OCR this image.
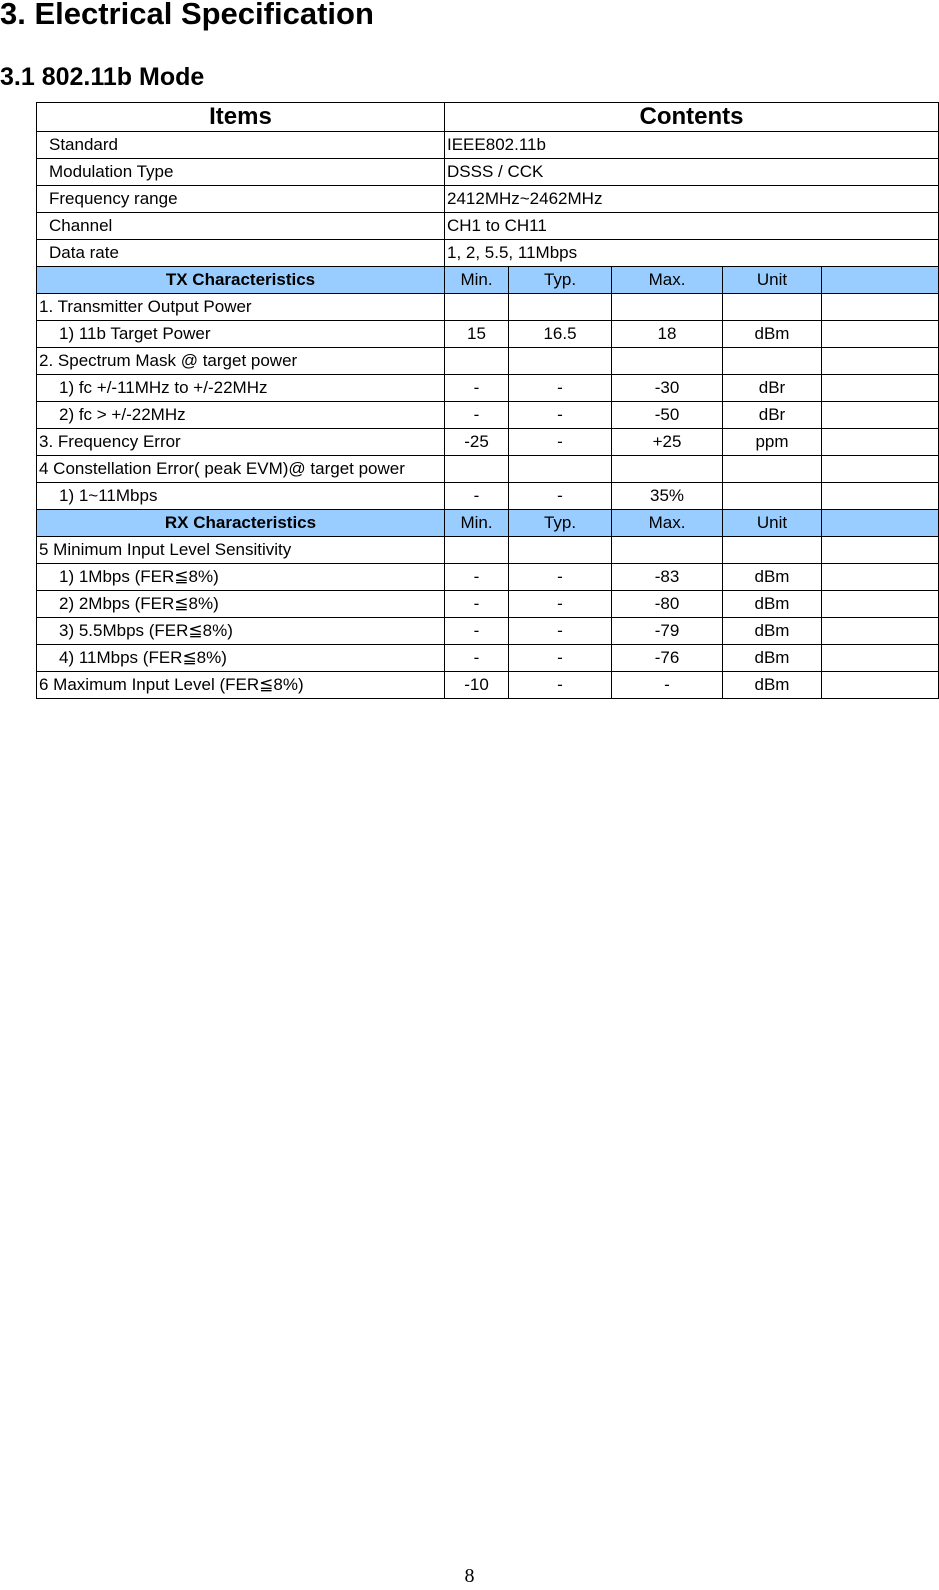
3. Electrical Specification
3.1 802.11b Mode
Items	Contents				
Standard	IEEE802.11b				
Modulation Type	DSSS / CCK				
Frequency range	2412MHz~2462MHz				
Channel	CH1 to CH11				
Data rate	1, 2, 5.5, 11Mbps				
TX Characteristics	Min.	Typ.	Max.	Unit	
1. Transmitter Output Power					
1) 11b Target Power	15	16.5	18	dBm	
2. Spectrum Mask @ target power					
1) fc +/-11MHz to +/-22MHz	-	-	-30	dBr	
2) fc > +/-22MHz	-	-	-50	dBr	
3. Frequency Error	-25	-	+25	ppm	
4 Constellation Error( peak EVM)@ target power					
1) 1~11Mbps	-	-	35%		
RX Characteristics	Min.	Typ.	Max.	Unit	
5 Minimum Input Level Sensitivity					
1) 1Mbps (FER≦8%)	-	-	-83	dBm	
2) 2Mbps (FER≦8%)	-	-	-80	dBm	
3) 5.5Mbps (FER≦8%)	-	-	-79	dBm	
4) 11Mbps (FER≦8%)	-	-	-76	dBm	
6 Maximum Input Level (FER≦8%)	-10	-	-	dBm	
8
